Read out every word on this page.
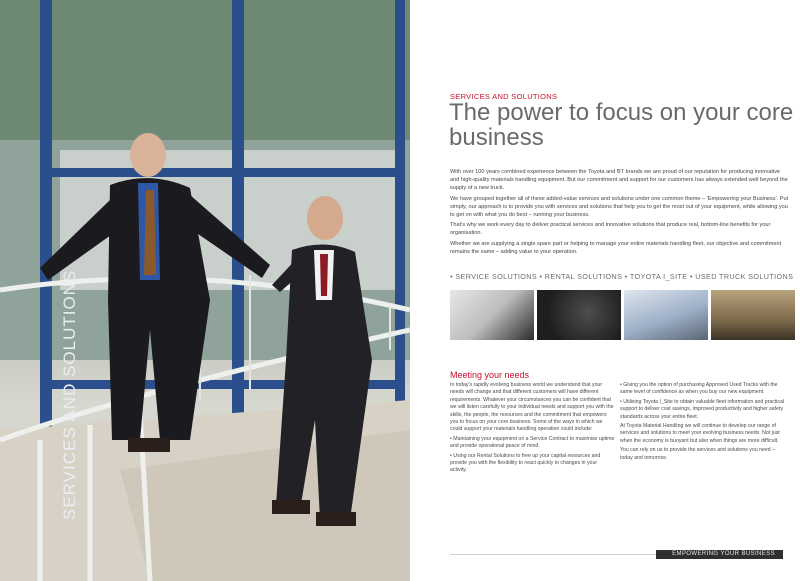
SERVICES AND SOLUTIONS
SERVICES AND SOLUTIONS
The power to focus on your core business

With over 100 years combined experience between the Toyota and BT brands we are proud of our reputation for producing innovative and high-quality materials handling equipment. But our commitment and support for our customers has always extended well beyond the supply of a new truck.

We have grouped together all of these added-value services and solutions under one common theme – 'Empowering your Business'. Put simply, our approach is to provide you with services and solutions that help you to get the most out of your equipment, while allowing you to get on with what you do best – running your business.

That's why we work every day to deliver practical services and innovative solutions that produce real, bottom-line benefits for your organisation.

Whether we are supplying a single spare part or helping to manage your entire materials handling fleet, our objective and commitment remains the same – adding value to your operation.

• SERVICE SOLUTIONS • RENTAL SOLUTIONS • TOYOTA I_SITE • USED TRUCK SOLUTIONS
Meeting your needs

In today's rapidly evolving business world we understand that your needs will change and that different customers will have different requirements. Whatever your circumstances you can be confident that we will listen carefully to your individual needs and support you with the skills, the people, the resources and the commitment that empowers you to focus on your core business. Some of the ways in which we could support your materials handling operation could include:

• Maintaining your equipment on a Service Contract to maximise uptime and provide operational peace of mind.

• Using our Rental Solutions to free up your capital resources and provide you with the flexibility to react quickly to changes in your activity.

• Giving you the option of purchasing Approved Used Trucks with the same level of confidence as when you buy our new equipment.

• Utilising Toyota I_Site to obtain valuable fleet information and practical support to deliver cost savings, improved productivity and higher safety standards across your entire fleet.

At Toyota Material Handling we will continue to develop our range of services and solutions to meet your evolving business needs. Not just when the economy is buoyant but also when things are more difficult.

You can rely on us to provide the services and solutions you need – today and tomorrow.

EMPOWERING YOUR BUSINESS
